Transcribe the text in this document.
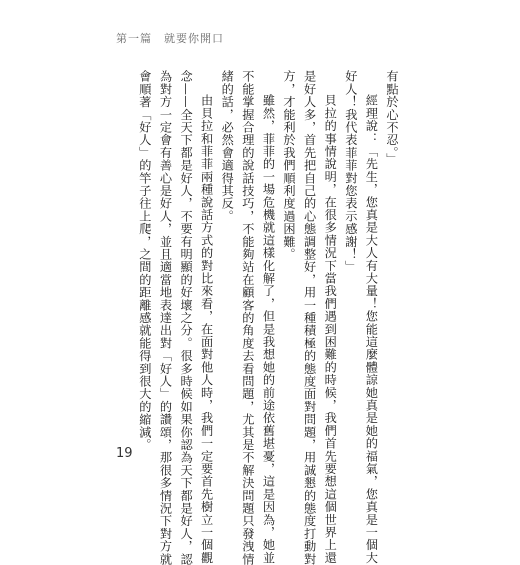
第一篇 就要你開口

有點於心不忍。」

經理說：「先生，您真是大人有大量！您能這麼體諒她真是她的福氣，您真是一個大

好人！我代表菲菲對您表示感謝！」

貝拉的事情說明，在很多情況下當我們遇到困難的時候，我們首先要想這個世界上還

是好人多，首先把自己的心態調整好，用一種積極的態度面對問題，用誠懇的態度打動對

方，才能利於我們順利度過困難。

雖然，菲菲的一場危機就這樣化解了，但是我想她的前途依舊堪憂，這是因為，她並

不能掌握合理的說話技巧，不能夠站在顧客的角度去看問題，尤其是不解決問題只發洩情

緒的話，必然會適得其反。

由貝拉和菲菲兩種說話方式的對比來看，在面對他人時，我們一定要首先樹立一個觀

念——全天下都是好人，不要有明顯的好壞之分。很多時候如果你認為天下都是好人，認

為對方一定會有善心是好人，並且適當地表達出對「好人」的讚頌，那很多情況下對方就

會順著「好人」的竿子往上爬，之間的距離感就能得到很大的縮減。

19
